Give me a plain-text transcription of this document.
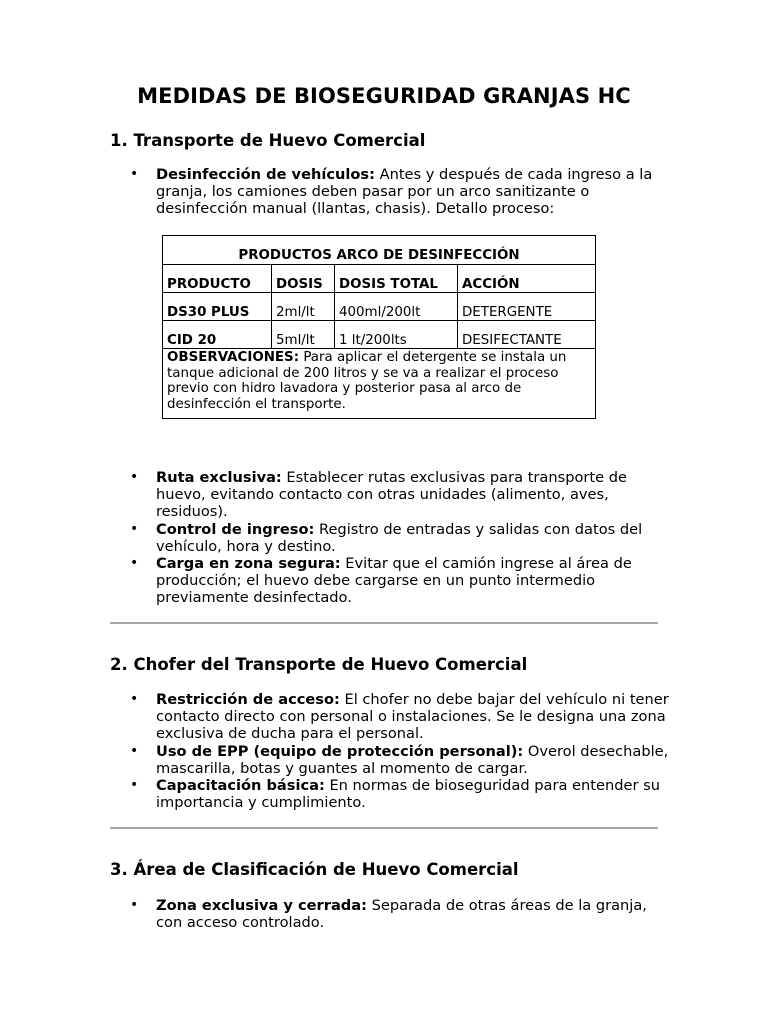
MEDIDAS DE BIOSEGURIDAD GRANJAS HC
1. Transporte de Huevo Comercial
• Desinfección de vehículos: Antes y después de cada ingreso a la granja, los camiones deben pasar por un arco sanitizante o desinfección manual (llantas, chasis). Detallo proceso:
PRODUCTOS ARCO DE DESINFECCIÓN			
PRODUCTO	DOSIS	DOSIS TOTAL	ACCIÓN
DS30 PLUS	2ml/lt	400ml/200lt	DETERGENTE
CID 20	5ml/lt	1 lt/200lts	DESIFECTANTE
OBSERVACIONES: Para aplicar el detergente se instala un tanque adicional de 200 litros y se va a realizar el proceso previo con hidro lavadora y posterior pasa al arco de desinfección el transporte.			
• Ruta exclusiva: Establecer rutas exclusivas para transporte de huevo, evitando contacto con otras unidades (alimento, aves, residuos).
• Control de ingreso: Registro de entradas y salidas con datos del vehículo, hora y destino.
• Carga en zona segura: Evitar que el camión ingrese al área de producción; el huevo debe cargarse en un punto intermedio previamente desinfectado.
2. Chofer del Transporte de Huevo Comercial
• Restricción de acceso: El chofer no debe bajar del vehículo ni tener contacto directo con personal o instalaciones. Se le designa una zona exclusiva de ducha para el personal.
• Uso de EPP (equipo de protección personal): Overol desechable, mascarilla, botas y guantes al momento de cargar.
• Capacitación básica: En normas de bioseguridad para entender su importancia y cumplimiento.
3. Área de Clasificación de Huevo Comercial
• Zona exclusiva y cerrada: Separada de otras áreas de la granja, con acceso controlado.
